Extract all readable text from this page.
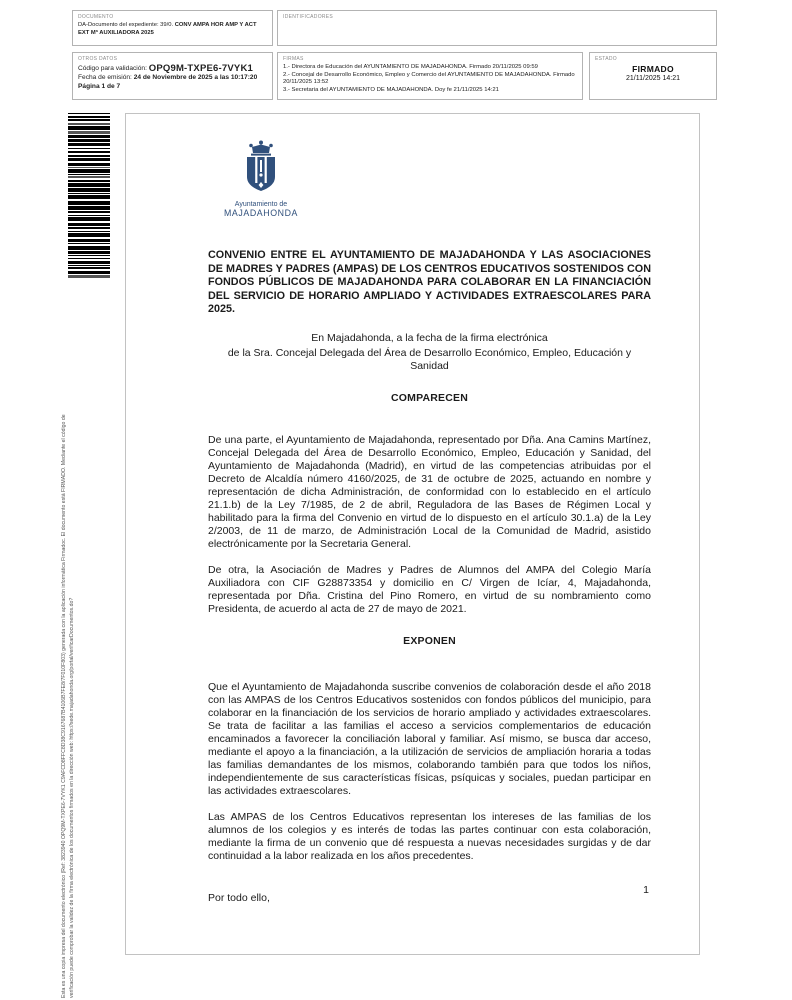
DOCUMENTO
DA-Documento del expediente: 39/0. CONV AMPA HOR AMP Y ACT EXT Mª AUXILIADORA 2025
IDENTIFICADORES
OTROS DATOS
Código para validación: OPQ9M-TXPE6-7VYK1
Fecha de emisión: 24 de Noviembre de 2025 a las 10:17:20
Página 1 de 7
FIRMAS
1.- Directora de Educación del AYUNTAMIENTO DE MAJADAHONDA. Firmado 20/11/2025 09:59
2.- Concejal de Desarrollo Económico, Empleo y Comercio del AYUNTAMIENTO DE MAJADAHONDA. Firmado 20/11/2025 13:52
3.- Secretaria del AYUNTAMIENTO DE MAJADAHONDA. Doy fe 21/11/2025 14:21
ESTADO
FIRMADO
21/11/2025 14:21
Esta es una copia impresa del documento electrónico (Ref: 3823940 OPQ9M-TXPE6-7VYK1 C9AFCD8FFC8D38C9167687B4106B7FE8/7F010F803) generada con la aplicación informática Firmadoc. El documento está FIRMADO. Mediante el código de verificación puede comprobar la validez de la firma electrónica de los documentos firmados en la dirección web: https://sede.majadahonda.org/portal/verificarDocumentos.do?
Ayuntamiento de
MAJADAHONDA
CONVENIO ENTRE EL AYUNTAMIENTO DE MAJADAHONDA Y LAS ASOCIACIONES DE MADRES Y PADRES (AMPAS) DE LOS CENTROS EDUCATIVOS SOSTENIDOS CON FONDOS PÚBLICOS DE MAJADAHONDA PARA COLABORAR EN LA FINANCIACIÓN DEL SERVICIO DE HORARIO AMPLIADO Y ACTIVIDADES EXTRAESCOLARES PARA 2025.
En Majadahonda, a la fecha de la firma electrónica
de la Sra. Concejal Delegada del Área de Desarrollo Económico, Empleo, Educación y Sanidad
COMPARECEN
De una parte, el Ayuntamiento de Majadahonda, representado por Dña. Ana Camins Martínez, Concejal Delegada del Área de Desarrollo Económico, Empleo, Educación y Sanidad, del Ayuntamiento de Majadahonda (Madrid), en virtud de las competencias atribuidas por el Decreto de Alcaldía número 4160/2025, de 31 de octubre de 2025, actuando en nombre y representación de dicha Administración, de conformidad con lo establecido en el artículo 21.1.b) de la Ley 7/1985, de 2 de abril, Reguladora de las Bases de Régimen Local y habilitado para la firma del Convenio en virtud de lo dispuesto en el artículo 30.1.a) de la Ley 2/2003, de 11 de marzo, de Administración Local de la Comunidad de Madrid, asistido electrónicamente por la Secretaria General.
De otra, la Asociación de Madres y Padres de Alumnos del AMPA del Colegio María Auxiliadora con CIF G28873354 y domicilio en C/ Virgen de Icíar, 4, Majadahonda, representada por Dña. Cristina del Pino Romero, en virtud de su nombramiento como Presidenta, de acuerdo al acta de 27 de mayo de 2021.
EXPONEN
Que el Ayuntamiento de Majadahonda suscribe convenios de colaboración desde el año 2018 con las AMPAS de los Centros Educativos sostenidos con fondos públicos del municipio, para colaborar en la financiación de los servicios de horario ampliado y actividades extraescolares. Se trata de facilitar a las familias el acceso a servicios complementarios de educación encaminados a favorecer la conciliación laboral y familiar. Así mismo, se busca dar acceso, mediante el apoyo a la financiación, a la utilización de servicios de ampliación horaria a todas las familias demandantes de los mismos, colaborando también para que todos los niños, independientemente de sus características físicas, psíquicas y sociales, puedan participar en las actividades extraescolares.
Las AMPAS de los Centros Educativos representan los intereses de las familias de los alumnos de los colegios y es interés de todas las partes continuar con esta colaboración, mediante la firma de un convenio que dé respuesta a nuevas necesidades surgidas y de dar continuidad a la labor realizada en los años precedentes.
Por todo ello,
1
